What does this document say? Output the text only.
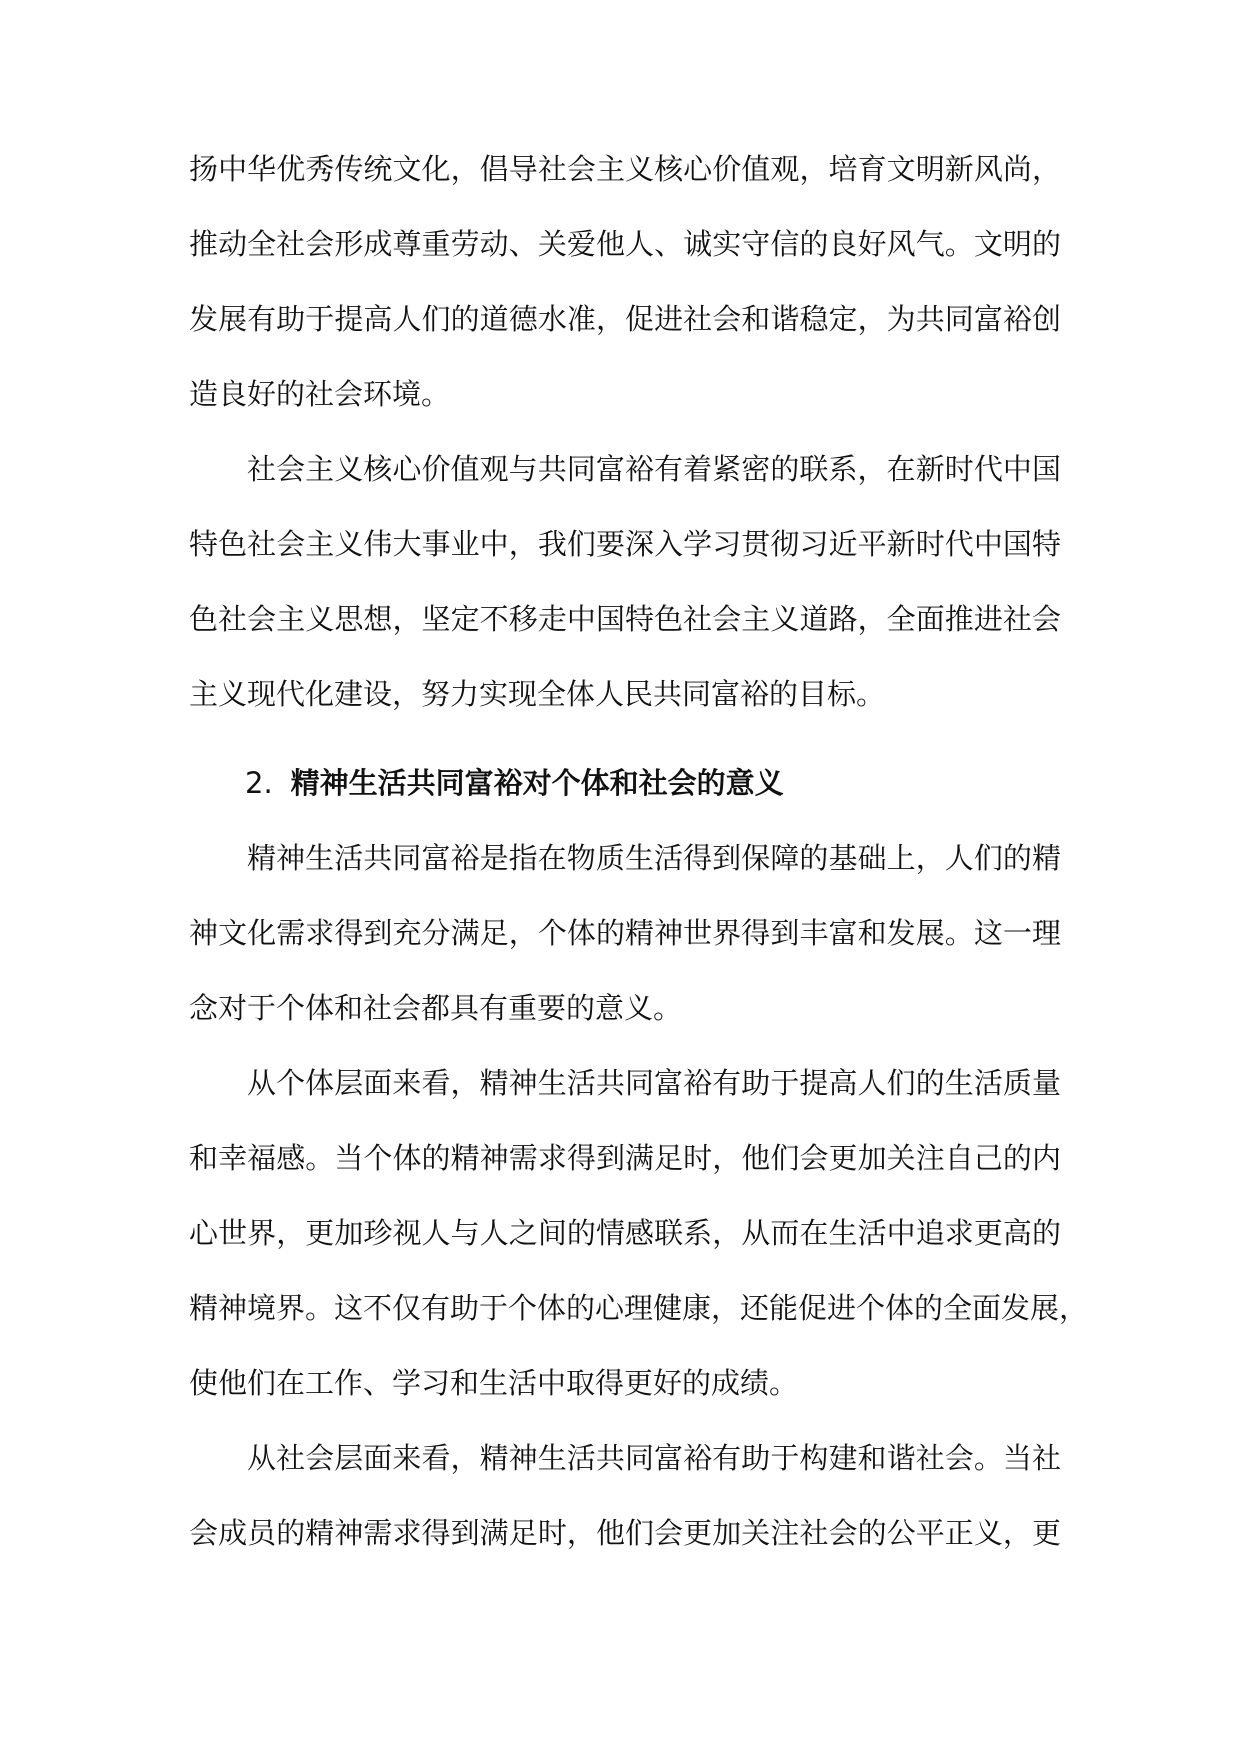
扬中华优秀传统文化，倡导社会主义核心价值观，培育文明新风尚，
推动全社会形成尊重劳动、关爱他人、诚实守信的良好风气。文明的
发展有助于提高人们的道德水准，促进社会和谐稳定，为共同富裕创
造良好的社会环境。
社会主义核心价值观与共同富裕有着紧密的联系，在新时代中国
特色社会主义伟大事业中，我们要深入学习贯彻习近平新时代中国特
色社会主义思想，坚定不移走中国特色社会主义道路，全面推进社会
主义现代化建设，努力实现全体人民共同富裕的目标。
2. 精神生活共同富裕对个体和社会的意义
精神生活共同富裕是指在物质生活得到保障的基础上，人们的精
神文化需求得到充分满足，个体的精神世界得到丰富和发展。这一理
念对于个体和社会都具有重要的意义。
从个体层面来看，精神生活共同富裕有助于提高人们的生活质量
和幸福感。当个体的精神需求得到满足时，他们会更加关注自己的内
心世界，更加珍视人与人之间的情感联系，从而在生活中追求更高的
精神境界。这不仅有助于个体的心理健康，还能促进个体的全面发展，
使他们在工作、学习和生活中取得更好的成绩。
从社会层面来看，精神生活共同富裕有助于构建和谐社会。当社
会成员的精神需求得到满足时，他们会更加关注社会的公平正义，更
